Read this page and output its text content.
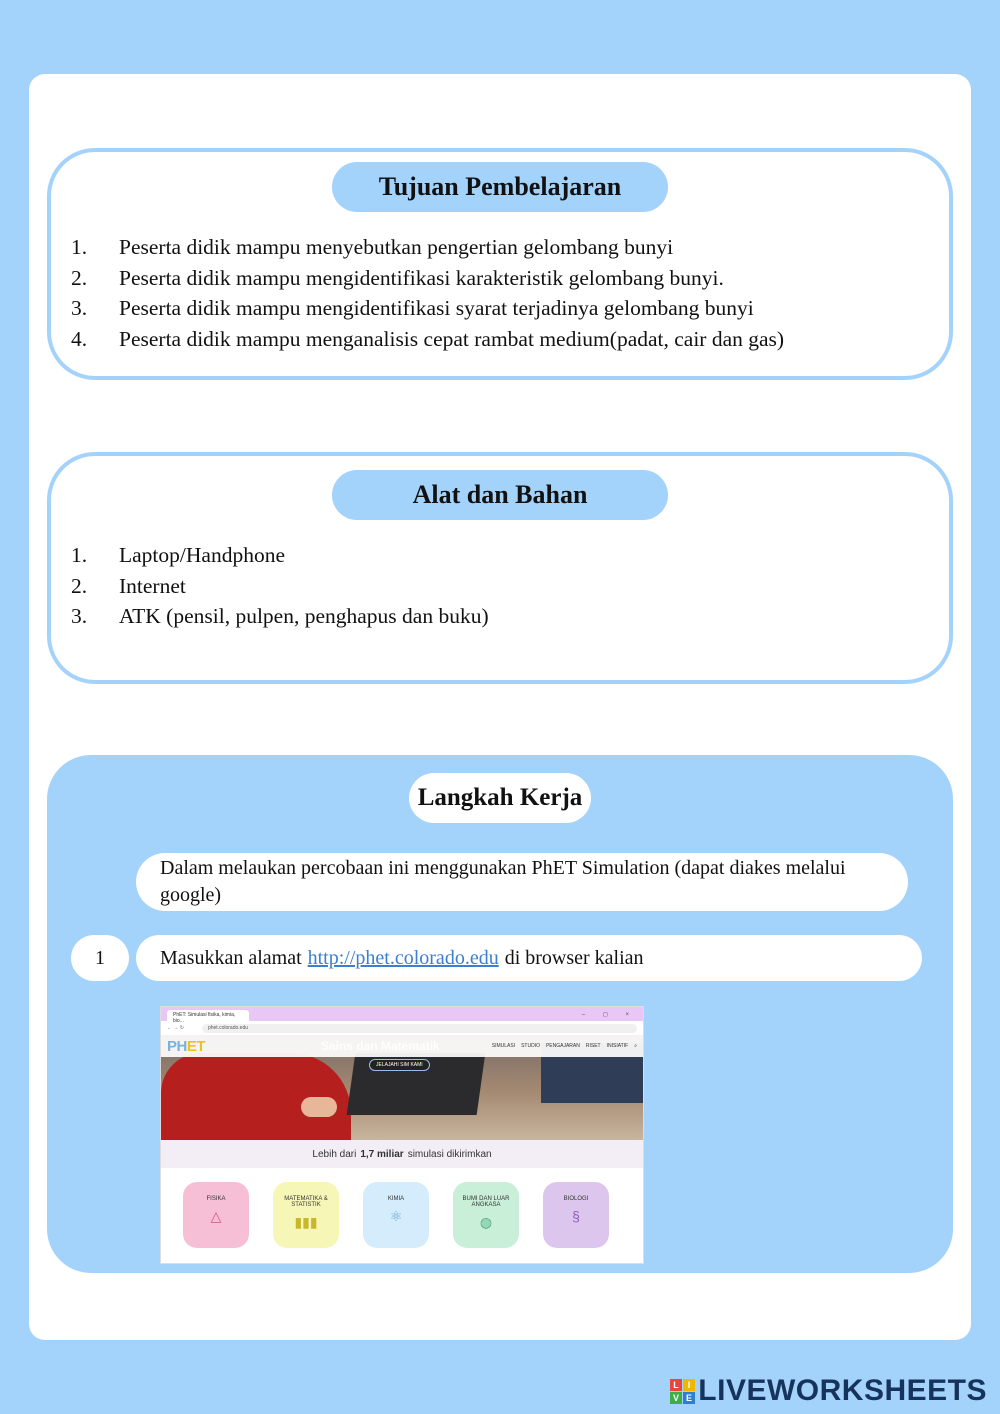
Tujuan Pembelajaran
1.	Peserta didik mampu menyebutkan pengertian gelombang bunyi
2.	Peserta didik mampu mengidentifikasi karakteristik gelombang bunyi.
3.	Peserta didik mampu mengidentifikasi syarat terjadinya gelombang bunyi
4.	Peserta didik mampu menganalisis cepat rambat medium(padat, cair dan gas)
Alat dan Bahan
1.	Laptop/Handphone
2.	Internet
3.	ATK (pensil, pulpen, penghapus dan buku)
Langkah Kerja
Dalam melaukan percobaan ini menggunakan PhET Simulation (dapat diakes melalui google)
1	Masukkan alamat http://phet.colorado.edu di browser kalian
PhET: Simulasi fisika, kimia, bio...
– ◻ ×
← → ↻	phet.colorado.edu
PHET	SIMULASI STUDIO PENGAJARAN RISET INISIATIF ⌕
Sains dan Matematik
JELAJAHI SIM KAMI
Lebih dari 1,7 miliar simulasi dikirimkan
FISIKA
△
MATEMATIKA & STATISTIK
▮▮▮
KIMIA
⚛
BUMI DAN LUAR ANGKASA
◍
BIOLOGI
§
L I
V E LIVEWORKSHEETS
